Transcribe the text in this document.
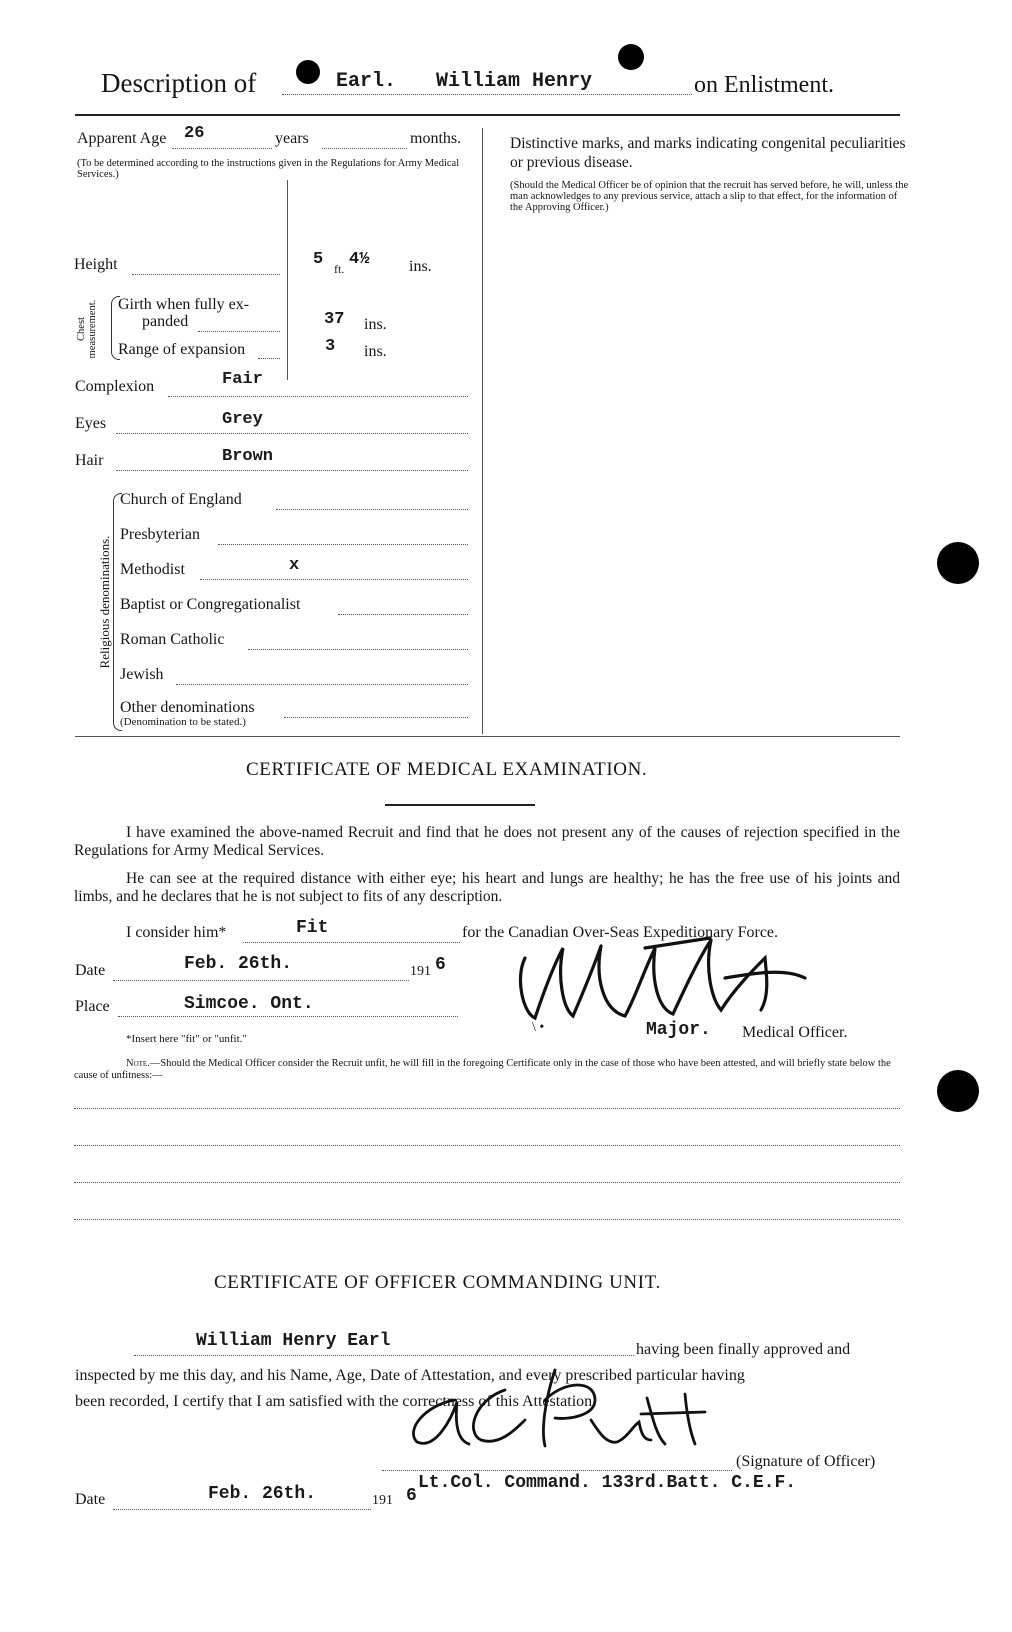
Description of	Earl. William Henry	on Enlistment.
Apparent Age 26	years	months.
(To be determined according to the instructions given in the Regulations for Army Medical Services.)
Height	5 ft. 4½ ins.
Chest measurement. Girth when fully ex-
panded	37 ins.
Range of expansion	3 ins.
Complexion	Fair
Eyes	Grey
Hair	Brown
Religious denominations.
Church of England
Presbyterian
Methodist	x
Baptist or Congregationalist
Roman Catholic
Jewish
Other denominations
(Denomination to be stated.)
Distinctive marks, and marks indicating congenital peculiarities or previous disease.
(Should the Medical Officer be of opinion that the recruit has served before, he will, unless the man acknowledges to any previous service, attach a slip to that effect, for the information of the Approving Officer.)
CERTIFICATE OF MEDICAL EXAMINATION.
I have examined the above-named Recruit and find that he does not present any of the causes of rejection specified in the Regulations for Army Medical Services.
He can see at the required distance with either eye; his heart and lungs are healthy; he has the free use of his joints and limbs, and he declares that he is not subject to fits of any description.
I consider him*	Fit	for the Canadian Over-Seas Expeditionary Force.
Date	Feb. 26th.	191 6
Place	Simcoe. Ont.
*Insert here "fit" or "unfit."
\ •	Major. Medical Officer.
Note.—Should the Medical Officer consider the Recruit unfit, he will fill in the foregoing Certificate only in the case of those who have been attested, and will briefly state below the cause of unfitness:—
CERTIFICATE OF OFFICER COMMANDING UNIT.
William Henry Earl	having been finally approved and
inspected by me this day, and his Name, Age, Date of Attestation, and every prescribed particular having
been recorded, I certify that I am satisfied with the correctness of this Attestation.
(Signature of Officer)
Date	Feb. 26th.	191 6
Lt.Col. Command. 133rd.Batt. C.E.F.
